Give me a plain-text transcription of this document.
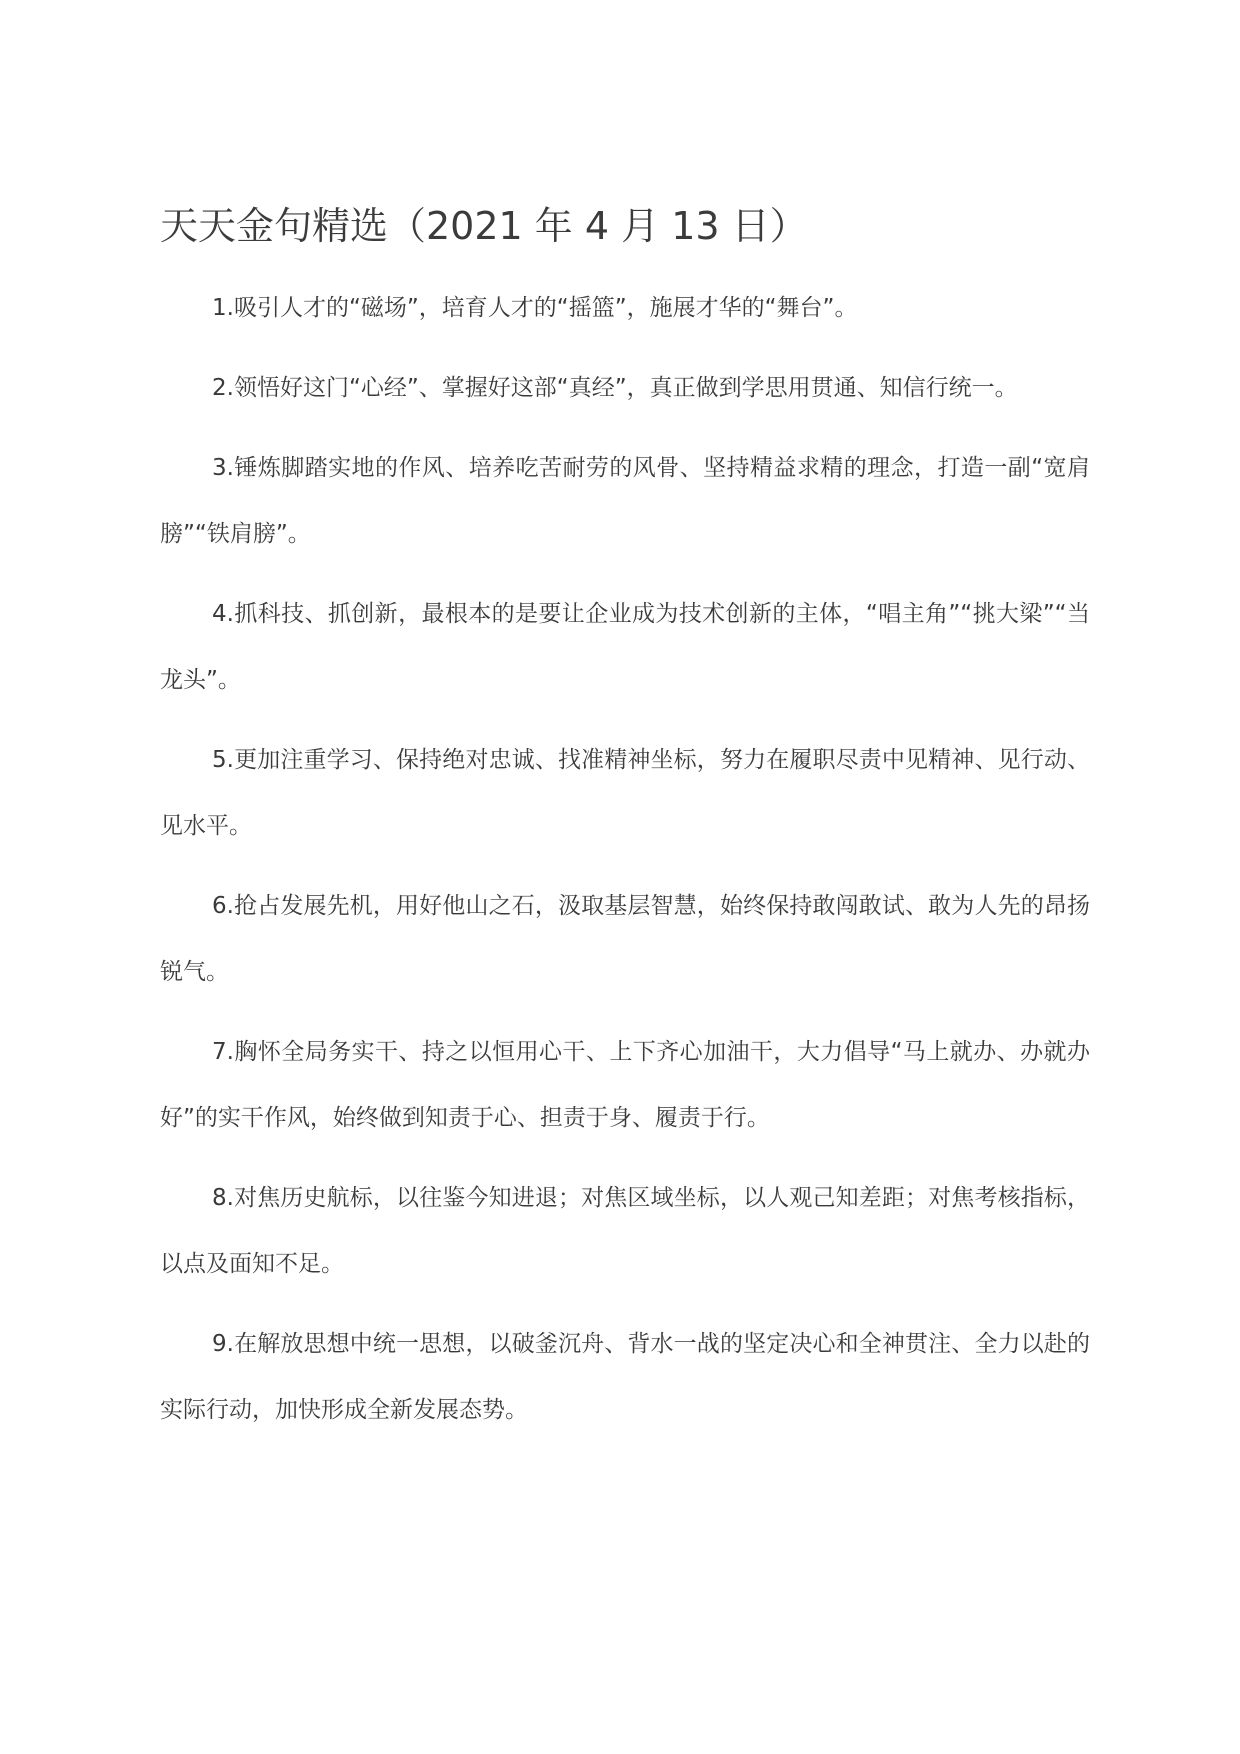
天天金句精选（2021 年 4 月 13 日）

1.吸引人才的“磁场”，培育人才的“摇篮”，施展才华的“舞台”。

2.领悟好这门“心经”、掌握好这部“真经”，真正做到学思用贯通、知信行统一。

3.锤炼脚踏实地的作风、培养吃苦耐劳的风骨、坚持精益求精的理念，打造一副“宽肩膀”“铁肩膀”。

4.抓科技、抓创新，最根本的是要让企业成为技术创新的主体，“唱主角”“挑大梁”“当龙头”。

5.更加注重学习、保持绝对忠诚、找准精神坐标，努力在履职尽责中见精神、见行动、见水平。

6.抢占发展先机，用好他山之石，汲取基层智慧，始终保持敢闯敢试、敢为人先的昂扬锐气。

7.胸怀全局务实干、持之以恒用心干、上下齐心加油干，大力倡导“马上就办、办就办好”的实干作风，始终做到知责于心、担责于身、履责于行。

8.对焦历史航标，以往鉴今知进退；对焦区域坐标，以人观己知差距；对焦考核指标，以点及面知不足。

9.在解放思想中统一思想，以破釜沉舟、背水一战的坚定决心和全神贯注、全力以赴的实际行动，加快形成全新发展态势。
